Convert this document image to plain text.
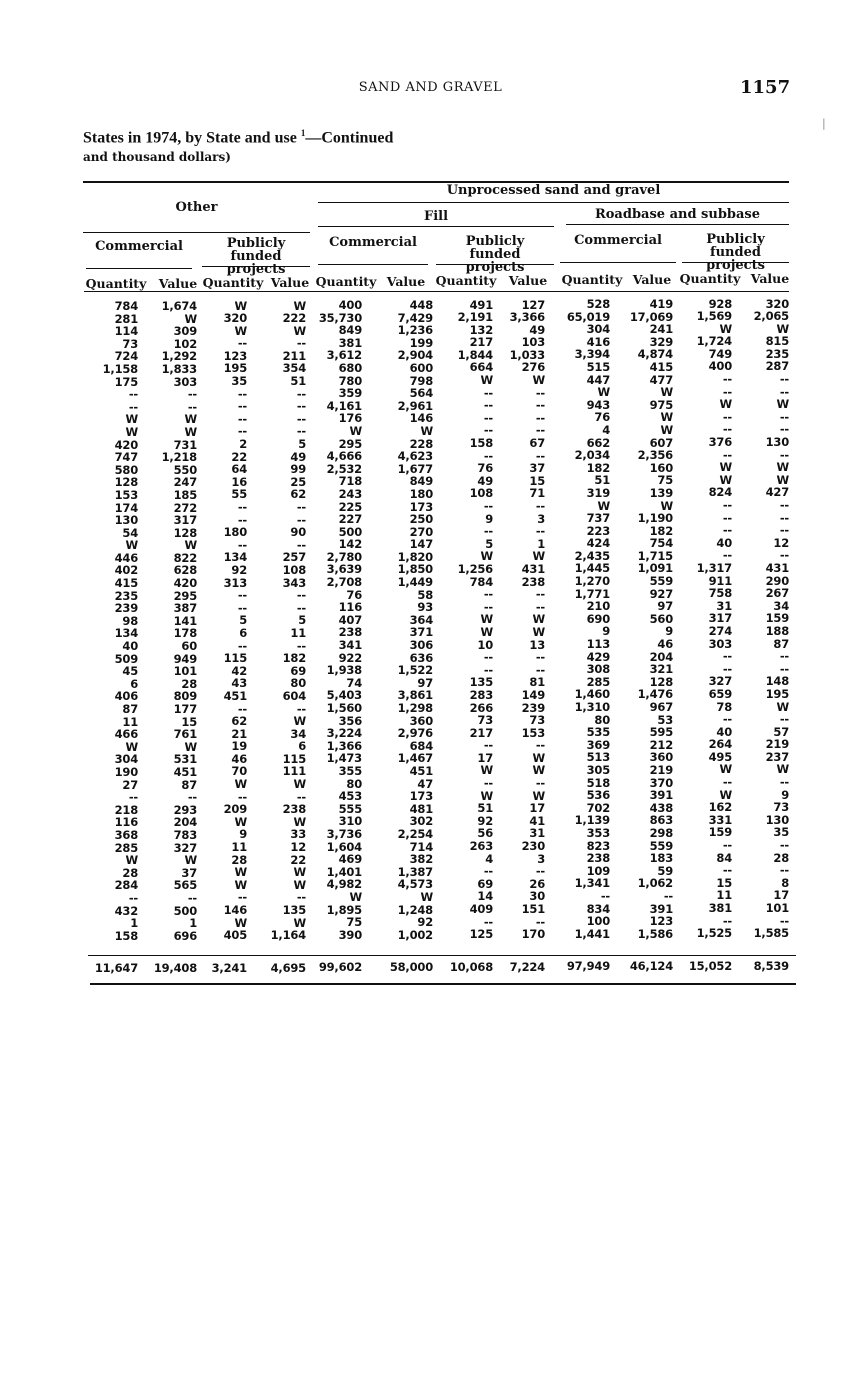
SAND AND GRAVEL	1157
|
States in 1974, by State and use $^1$—Continued
and thousand dollars)
Unprocessed sand and gravel
Other
Fill	Roadbase and subbase
Commercial	Publicly funded projects
Commercial	Publicly funded projects
Commercial	Publicly funded projects
Quantity Value Quantity Value Quantity Value Quantity Value	Quantity Value Quantity Value
784	1,674	W	W	400	448	491	127	528	419	928	320
281	W	320	222	35,730	7,429	2,191	3,366	65,019	17,069	1,569	2,065
114	309	W	W	849	1,236	132	49	304	241	W	W
73	102	--	--	381	199	217	103	416	329	1,724	815
724	1,292	123	211	3,612	2,904	1,844	1,033	3,394	4,874	749	235
1,158	1,833	195	354	680	600	664	276	515	415	400	287
175	303	35	51	780	798	W	W	447	477	--	--
--	--	--	--	359	564	--	--	W	W	--	--
--	--	--	--	4,161	2,961	--	--	943	975	W	W
W	W	--	--	176	146	--	--	76	W	--	--
W	W	--	--	W	W	--	--	4	W	--	--
420	731	2	5	295	228	158	67	662	607	376	130
747	1,218	22	49	4,666	4,623	--	--	2,034	2,356	--	--
580	550	64	99	2,532	1,677	76	37	182	160	W	W
128	247	16	25	718	849	49	15	51	75	W	W
153	185	55	62	243	180	108	71	319	139	824	427
174	272	--	--	225	173	--	--	W	W	--	--
130	317	--	--	227	250	9	3	737	1,190	--	--
54	128	180	90	500	270	--	--	223	182	--	--
W	W	--	--	142	147	5	1	424	754	40	12
446	822	134	257	2,780	1,820	W	W	2,435	1,715	--	--
402	628	92	108	3,639	1,850	1,256	431	1,445	1,091	1,317	431
415	420	313	343	2,708	1,449	784	238	1,270	559	911	290
235	295	--	--	76	58	--	--	1,771	927	758	267
239	387	--	--	116	93	--	--	210	97	31	34
98	141	5	5	407	364	W	W	690	560	317	159
134	178	6	11	238	371	W	W	9	9	274	188
40	60	--	--	341	306	10	13	113	46	303	87
509	949	115	182	922	636	--	--	429	204	--	--
45	101	42	69	1,938	1,522	--	--	308	321	--	--
6	28	43	80	74	97	135	81	285	128	327	148
406	809	451	604	5,403	3,861	283	149	1,460	1,476	659	195
87	177	--	--	1,560	1,298	266	239	1,310	967	78	W
11	15	62	W	356	360	73	73	80	53	--	--
466	761	21	34	3,224	2,976	217	153	535	595	40	57
W	W	19	6	1,366	684	--	--	369	212	264	219
304	531	46	115	1,473	1,467	17	W	513	360	495	237
190	451	70	111	355	451	W	W	305	219	W	W
27	87	W	W	80	47	--	--	518	370	--	--
--	--	--	--	453	173	W	W	536	391	W	9
218	293	209	238	555	481	51	17	702	438	162	73
116	204	W	W	310	302	92	41	1,139	863	331	130
368	783	9	33	3,736	2,254	56	31	353	298	159	35
285	327	11	12	1,604	714	263	230	823	559	--	--
W	W	28	22	469	382	4	3	238	183	84	28
28	37	W	W	1,401	1,387	--	--	109	59	--	--
284	565	W	W	4,982	4,573	69	26	1,341	1,062	15	8
--	--	--	--	W	W	14	30	--	--	11	17
432	500	146	135	1,895	1,248	409	151	834	391	381	101
1	1	W	W	75	92	--	--	100	123	--	--
158	696	405	1,164	390	1,002	125	170	1,441	1,586	1,525	1,585
11,647	19,408	3,241	4,695	99,602	58,000	10,068	7,224	97,949	46,124	15,052	8,539
